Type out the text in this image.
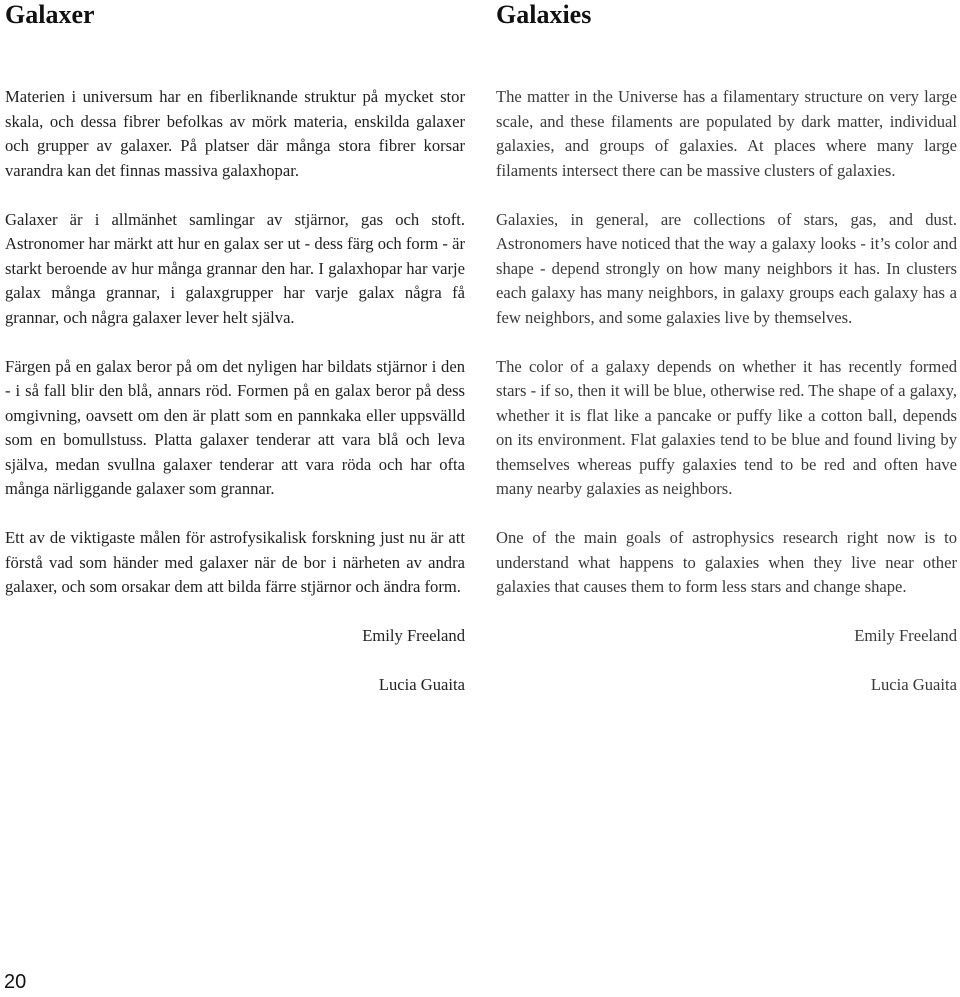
Galaxer

Materien i universum har en fiberliknande struktur på mycket stor skala, och dessa fibrer befolkas av mörk materia, enskilda galaxer och grupper av galaxer. På platser där många stora fibrer korsar varandra kan det finnas massiva galaxhopar.

Galaxer är i allmänhet samlingar av stjärnor, gas och stoft. Astronomer har märkt att hur en galax ser ut - dess färg och form - är starkt beroende av hur många grannar den har. I galaxhopar har varje galax många grannar, i galaxgrupper har varje galax några få grannar, och några galaxer lever helt själva.

Färgen på en galax beror på om det nyligen har bildats stjärnor i den - i så fall blir den blå, annars röd. Formen på en galax beror på dess omgivning, oavsett om den är platt som en pannkaka eller uppsvälld som en bomullstuss. Platta galaxer tenderar att vara blå och leva själva, medan svullna galaxer tenderar att vara röda och har ofta många närliggande galaxer som grannar.

Ett av de viktigaste målen för astrofysikalisk forskning just nu är att förstå vad som händer med galaxer när de bor i närheten av andra galaxer, och som orsakar dem att bilda färre stjärnor och ändra form.

Emily Freeland
Lucia Guaita
Galaxies

The matter in the Universe has a filamentary structure on very large scale, and these filaments are populated by dark matter, individual galaxies, and groups of galaxies. At places where many large filaments intersect there can be massive clusters of galaxies.

Galaxies, in general, are collections of stars, gas, and dust. Astronomers have noticed that the way a galaxy looks - it’s color and shape - depend strongly on how many neighbors it has. In clusters each galaxy has many neighbors, in galaxy groups each galaxy has a few neighbors, and some galaxies live by themselves.

The color of a galaxy depends on whether it has recently formed stars - if so, then it will be blue, otherwise red. The shape of a galaxy, whether it is flat like a pancake or puffy like a cotton ball, depends on its environment. Flat galaxies tend to be blue and found living by themselves whereas puffy galaxies tend to be red and often have many nearby galaxies as neighbors.

One of the main goals of astrophysics research right now is to understand what happens to galaxies when they live near other galaxies that causes them to form less stars and change shape.

Emily Freeland
Lucia Guaita
20
